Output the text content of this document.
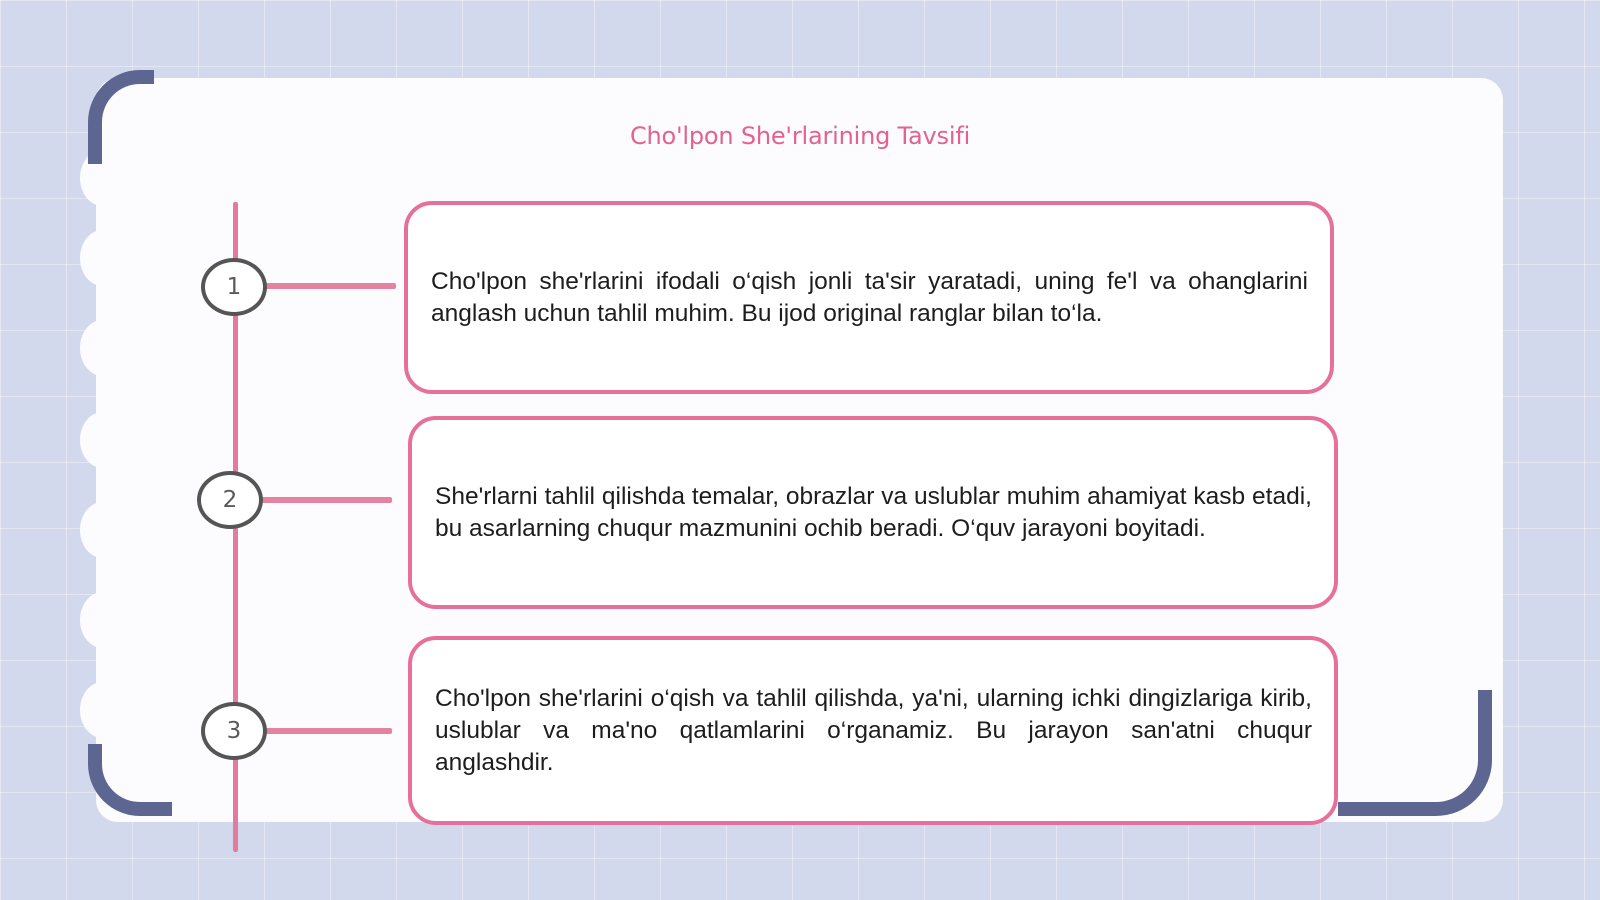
Cho'lpon She'rlarining Tavsifi
1
2
3
Cho'lpon she'rlarini ifodali o‘qish jonli ta'sir yaratadi, uning fe'l va ohanglarini anglash uchun tahlil muhim. Bu ijod original ranglar bilan to‘la.
She'rlarni tahlil qilishda temalar, obrazlar va uslublar muhim ahamiyat kasb etadi, bu asarlarning chuqur mazmunini ochib beradi. O‘quv jarayoni boyitadi.
Cho'lpon she'rlarini o‘qish va tahlil qilishda, ya'ni, ularning ichki dingizlariga kirib, uslublar va ma'no qatlamlarini o‘rganamiz. Bu jarayon san'atni chuqur anglashdir.
